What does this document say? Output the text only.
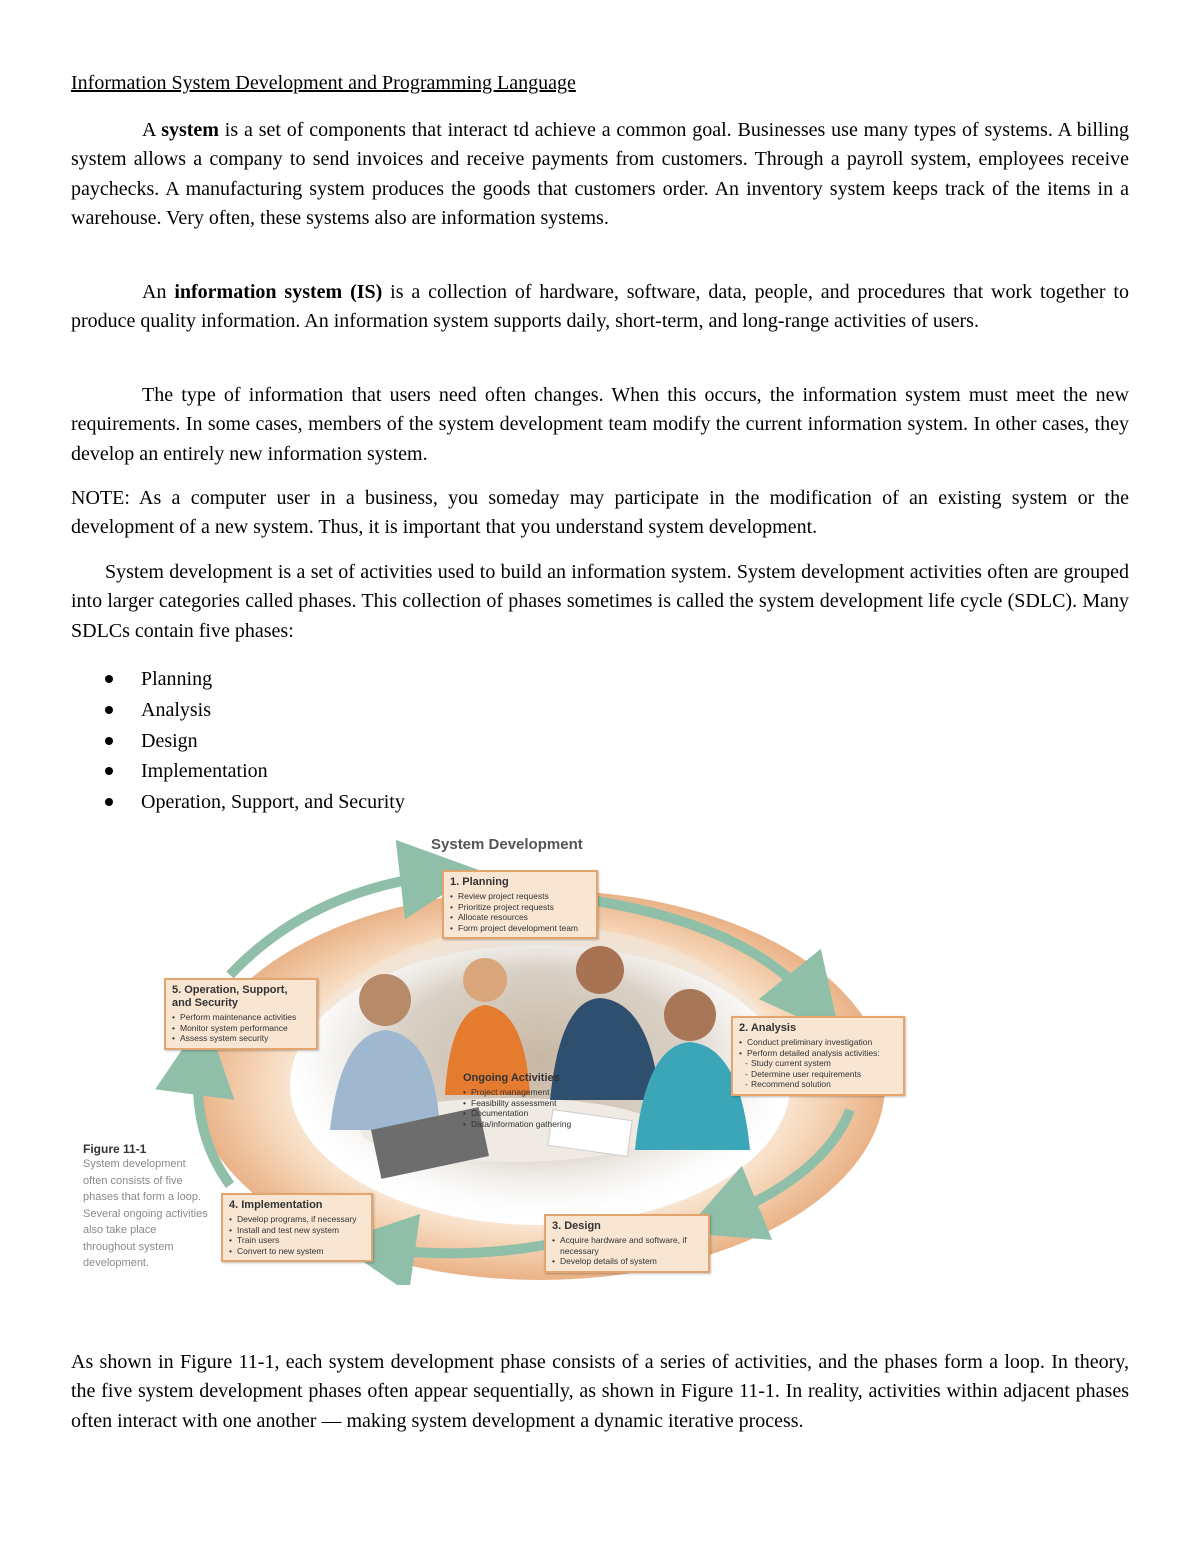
Information System Development and Programming Language

A system is a set of components that interact td achieve a common goal. Businesses use many types of systems. A billing system allows a company to send invoices and receive payments from customers. Through a payroll system, employees receive paychecks. A manufacturing system produces the goods that customers order. An inventory system keeps track of the items in a warehouse. Very often, these systems also are information systems.

An information system (IS) is a collection of hardware, software, data, people, and procedures that work together to produce quality information. An information system supports daily, short-term, and long-range activities of users.

The type of information that users need often changes. When this occurs, the information system must meet the new requirements. In some cases, members of the system development team modify the current information system. In other cases, they develop an entirely new information system.

NOTE: As a computer user in a business, you someday may participate in the modification of an existing system or the development of a new system. Thus, it is important that you understand system development.

System development is a set of activities used to build an information system. System development activities often are grouped into larger categories called phases. This collection of phases sometimes is called the system development life cycle (SDLC). Many SDLCs contain five phases:

Planning
Analysis
Design
Implementation
Operation, Support, and Security
System Development
1. Planning
• Review project requests
• Prioritize project requests
• Allocate resources
• Form project development team
2. Analysis
• Conduct preliminary investigation
• Perform detailed analysis activities:
- Study current system
- Determine user requirements
- Recommend solution
3. Design
• Acquire hardware and software, if necessary
• Develop details of system
4. Implementation
• Develop programs, if necessary
• Install and test new system
• Train users
• Convert to new system
5. Operation, Support, and Security
• Perform maintenance activities
• Monitor system performance
• Assess system security
Ongoing Activities
• Project management
• Feasibility assessment
• Documentation
• Data/information gathering
Figure 11-1
System development often consists of five phases that form a loop. Several ongoing activities also take place throughout system development.

As shown in Figure 11-1, each system development phase consists of a series of activities, and the phases form a loop. In theory, the five system development phases often appear sequentially, as shown in Figure 11-1. In reality, activities within adjacent phases often interact with one another — making system development a dynamic iterative process.
